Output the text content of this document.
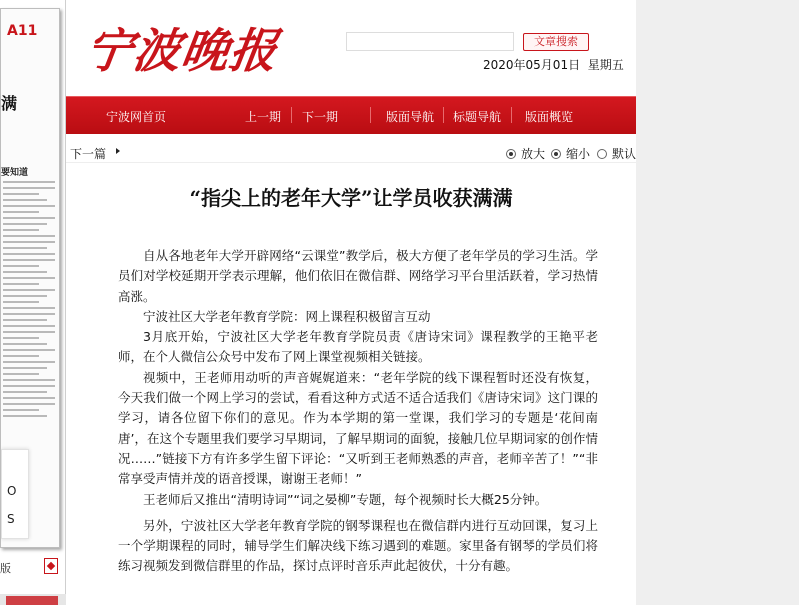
A11
满
要知道
O
S
版
宁波晚报	文章搜索
2020年05月01日 星期五
宁波网首页	上一期 下一期	版面导航 标题导航 版面概览
下一篇	放大	缩小	默认
“指尖上的老年大学”让学员收获满满

自从各地老年大学开辟网络“云课堂”教学后，极大方便了老年学员的学习生活。学员们对学校延期开学表示理解，他们依旧在微信群、网络学习平台里活跃着，学习热情高涨。

宁波社区大学老年教育学院：网上课程积极留言互动

3月底开始，宁波社区大学老年教育学院员责《唐诗宋词》课程教学的王艳平老师，在个人微信公众号中发布了网上课堂视频相关链接。

视频中，王老师用动听的声音娓娓道来：“老年学院的线下课程暂时还没有恢复，今天我们做一个网上学习的尝试，看看这种方式适不适合适我们《唐诗宋词》这门课的学习，请各位留下你们的意见。作为本学期的第一堂课，我们学习的专题是‘花间南唐’，在这个专题里我们要学习早期词，了解早期词的面貌，接触几位早期词家的创作情况……”链接下方有许多学生留下评论：“又听到王老师熟悉的声音，老师辛苦了！”“非常享受声情并茂的语音授课，谢谢王老师！”

王老师后又推出“清明诗词”“词之晏柳”专题，每个视频时长大概25分钟。

另外，宁波社区大学老年教育学院的钢琴课程也在微信群内进行互动回课，复习上一个学期课程的同时，辅导学生们解决线下练习遇到的难题。家里备有钢琴的学员们将练习视频发到微信群里的作品，探讨点评时音乐声此起彼伏，十分有趣。
